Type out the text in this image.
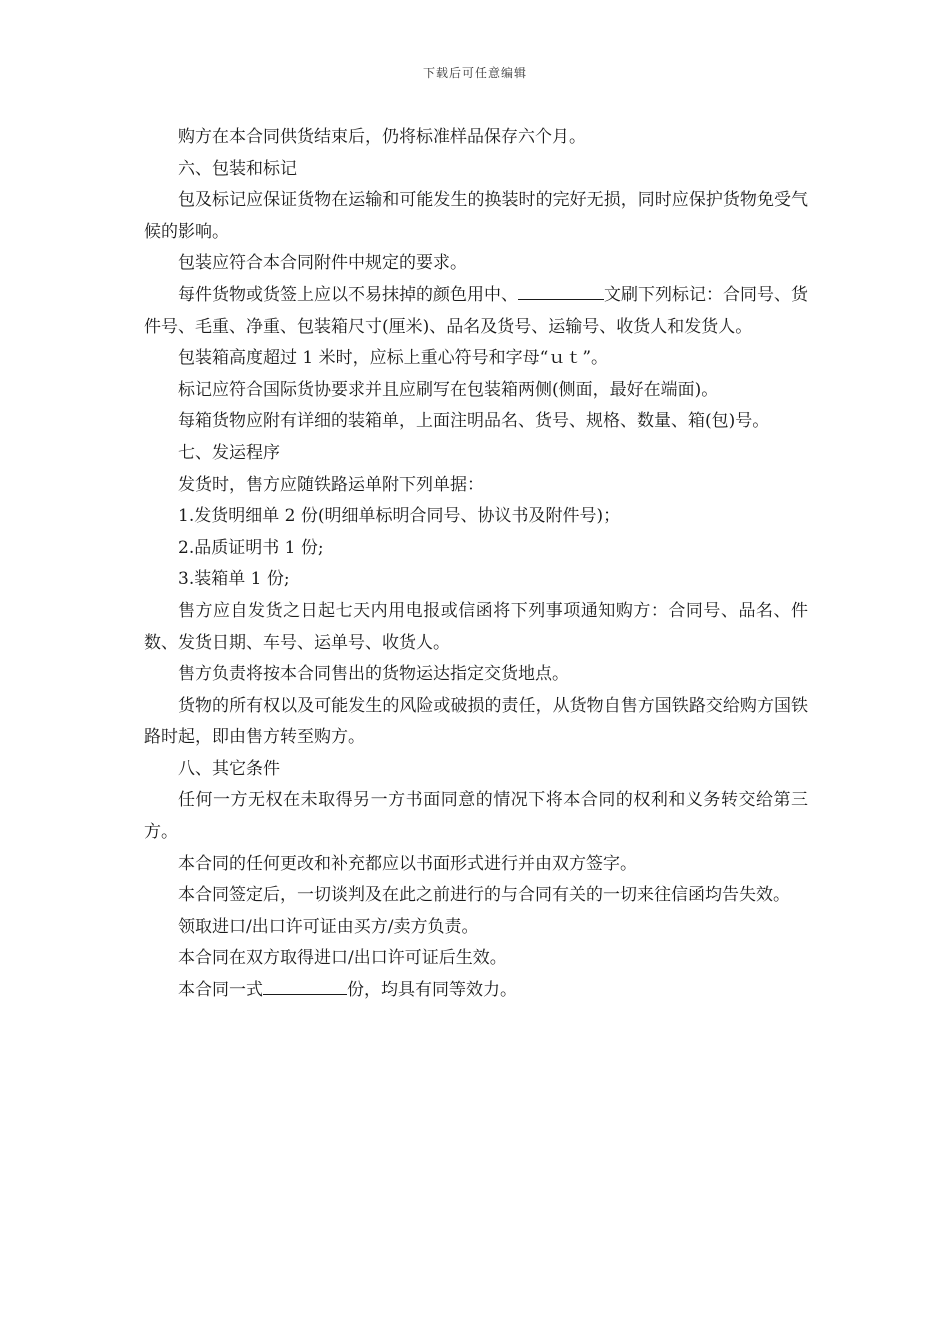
下载后可任意编辑

购方在本合同供货结束后，仍将标准样品保存六个月。

六、包装和标记

包及标记应保证货物在运输和可能发生的换装时的完好无损，同时应保护货物免受气候的影响。

包装应符合本合同附件中规定的要求。

每件货物或货签上应以不易抹掉的颜色用中、	文刷下列标记：合同号、货件号、毛重、净重、包装箱尺寸(厘米)、品名及货号、运输号、收货人和发货人。

包装箱高度超过 1 米时，应标上重心符号和字母“ｕｔ”。

标记应符合国际货协要求并且应刷写在包装箱两侧(侧面，最好在端面)。

每箱货物应附有详细的装箱单，上面注明品名、货号、规格、数量、箱(包)号。

七、发运程序

发货时，售方应随铁路运单附下列单据：

1.发货明细单 2 份(明细单标明合同号、协议书及附件号)；

2.品质证明书 1 份;

3.装箱单 1 份;

售方应自发货之日起七天内用电报或信函将下列事项通知购方：合同号、品名、件数、发货日期、车号、运单号、收货人。

售方负责将按本合同售出的货物运达指定交货地点。

货物的所有权以及可能发生的风险或破损的责任，从货物自售方国铁路交给购方国铁路时起，即由售方转至购方。

八、其它条件

任何一方无权在未取得另一方书面同意的情况下将本合同的权利和义务转交给第三方。

本合同的任何更改和补充都应以书面形式进行并由双方签字。

本合同签定后，一切谈判及在此之前进行的与合同有关的一切来往信函均告失效。

领取进口/出口许可证由买方/卖方负责。

本合同在双方取得进口/出口许可证后生效。

本合同一式	份，均具有同等效力。
